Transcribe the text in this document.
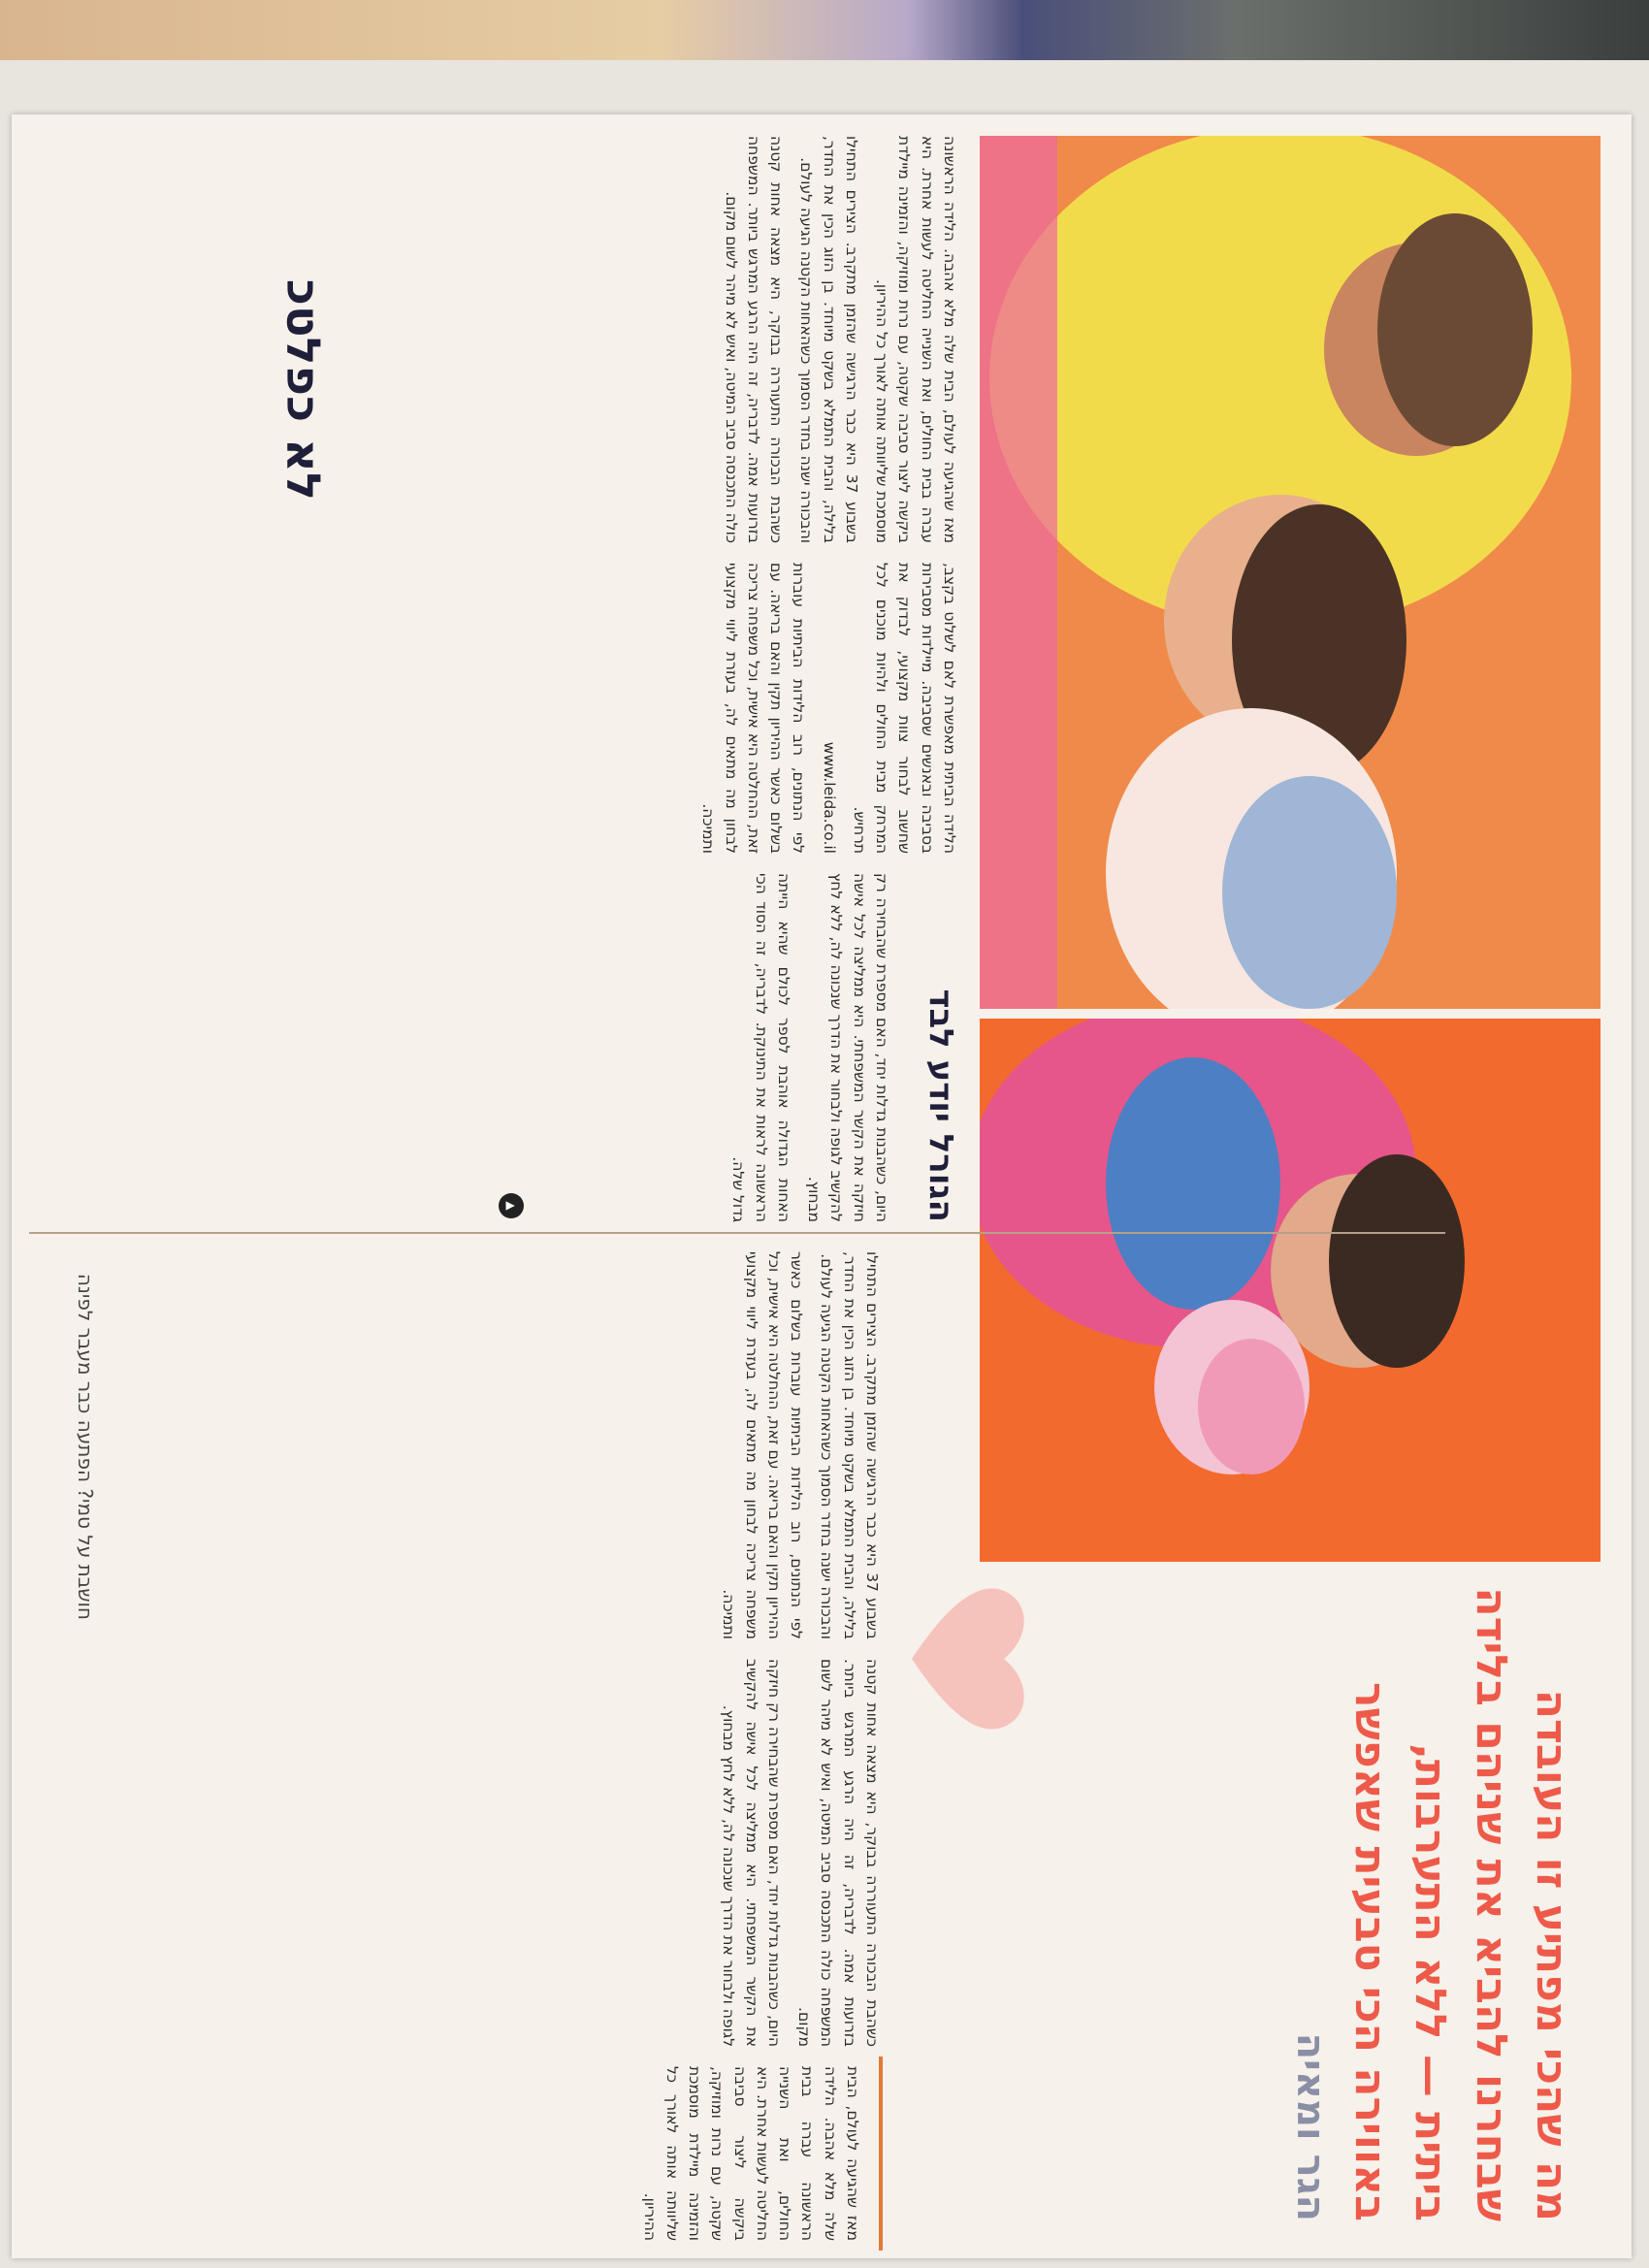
חושבת על טמי? הפתעה כבר מעבר לפינה
מה שהכי מפתיע זו העובדה שבחרנו להביא את שניהם בלידה ביתית — ללא התערבות, באווירה הכי טבעית שאפשר
הגר ומאיה
לא כפלטכ	מאז שהגיעה לעולם, הבית שלה מלא אהבה. הלידה הראשונה עברה בבית החולים, ואת השנייה החליטה לעשות אחרת. היא ביקשה ליצור סביבה שקטה, עם נרות ומוזיקה, והזמינה מיילדת מוסמכת שליוותה אותה לאורך כל ההיריון.

בשבוע 37 היא כבר הרגישה שהזמן מתקרב. הצירים התחילו בלילה, והבית התמלא בשקט מיוחד. בן הזוג הכין את החדר, והבכורה ישנה בחדר הסמוך כשהאחות הקטנה הגיעה לעולם.

כשהבת הבכורה התעוררה בבוקר, היא מצאה אחות קטנה בזרועות אמה. לדבריה, זה היה הרגע המרגש ביותר. המשפחה כולה התכנסה סביב המיטה, ואיש לא מיהר לשום מקום.

הלידה הביתית מאפשרת לאם לשלוט בקצב, בסביבה ובאנשים שסביבה. מיילדות מסבירות שחשוב לבחור צוות מקצועי, לבדוק את המרחק מבית החולים ולהיות מוכנים לכל תרחיש.

www.leida.co.il

לפי הנתונים, רוב הלידות הביתיות עוברות בשלום כאשר ההיריון תקין והאם בריאה. עם זאת, ההחלטה היא אישית, וכל משפחה צריכה לבחון מה מתאים לה, בעזרת ליווי מקצועי ותמיכה.

הגורל יודע לבד

היום, כשהבנות גדלות יחד, האם מספרת שהבחירה רק חיזקה את הקשר המשפחתי. היא ממליצה לכל אישה להקשיב לגופה ולבחור את הדרך שנכונה לה, ללא לחץ מבחוץ.

האחות הגדולה אוהבת לספר לכולם שהיא הייתה הראשונה לראות את התינוקת. לדבריה, זה הסוד הכי גדול שלה.

בשבוע 37 היא כבר הרגישה שהזמן מתקרב. הצירים התחילו בלילה, והבית התמלא בשקט מיוחד. בן הזוג הכין את החדר, והבכורה ישנה בחדר הסמוך כשהאחות הקטנה הגיעה לעולם.

לפי הנתונים, רוב הלידות הביתיות עוברות בשלום כאשר ההיריון תקין והאם בריאה. עם זאת, ההחלטה היא אישית, וכל משפחה צריכה לבחון מה מתאים לה, בעזרת ליווי מקצועי ותמיכה.

כשהבת הבכורה התעוררה בבוקר, היא מצאה אחות קטנה בזרועות אמה. לדבריה, זה היה הרגע המרגש ביותר. המשפחה כולה התכנסה סביב המיטה, ואיש לא מיהר לשום מקום.

היום, כשהבנות גדלות יחד, האם מספרת שהבחירה רק חיזקה את הקשר המשפחתי. היא ממליצה לכל אישה להקשיב לגופה ולבחור את הדרך שנכונה לה, ללא לחץ מבחוץ.

מאז שהגיעה לעולם, הבית שלה מלא אהבה. הלידה הראשונה עברה בבית החולים, ואת השנייה החליטה לעשות אחרת. היא ביקשה ליצור סביבה שקטה, עם נרות ומוזיקה, והזמינה מיילדת מוסמכת שליוותה אותה לאורך כל ההיריון.

▲
